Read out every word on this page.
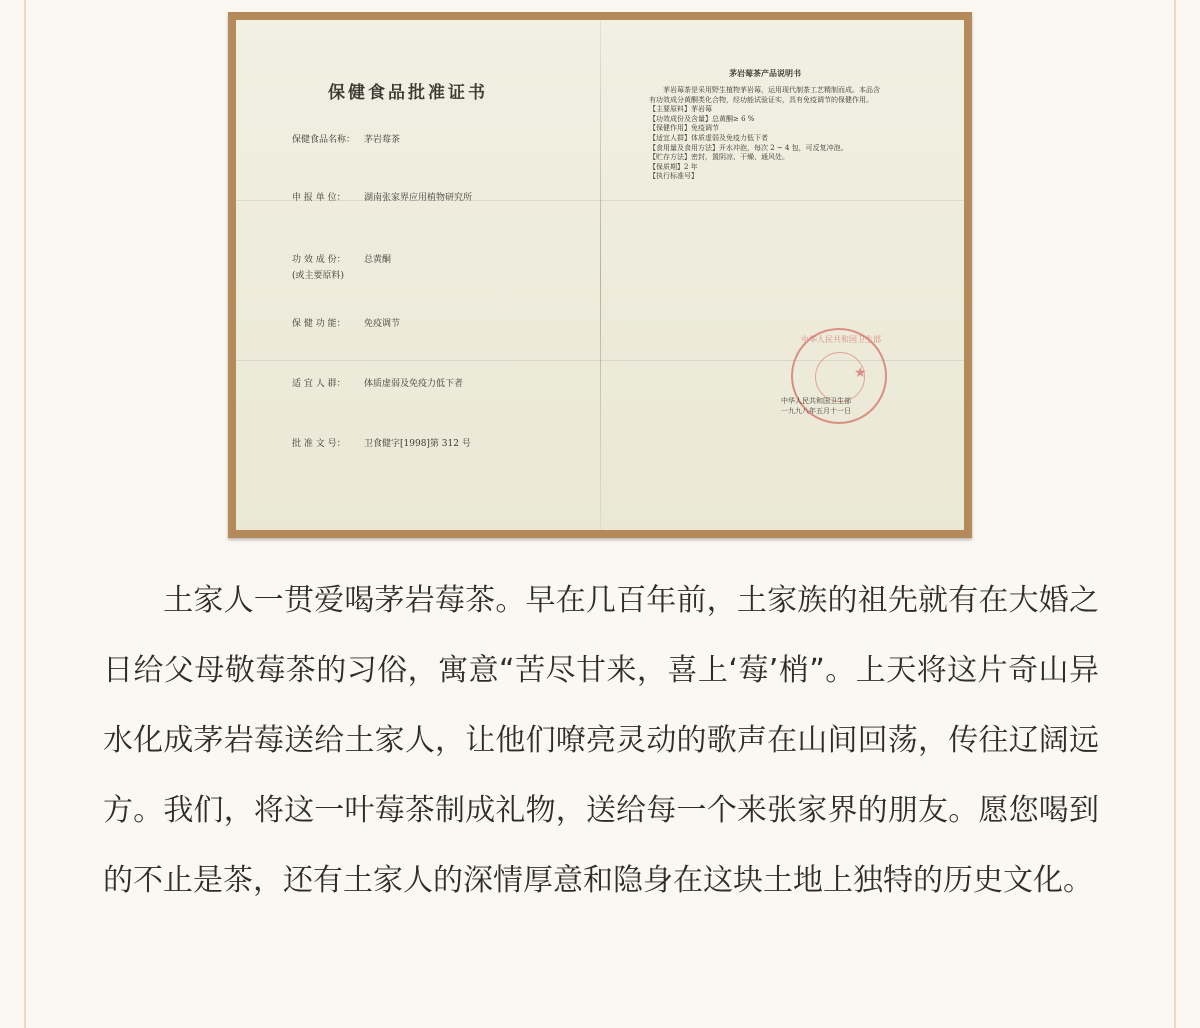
保健食品批准证书
保健食品名称： 茅岩莓茶
申 报 单 位： 湖南张家界应用植物研究所
功 效 成 份： 总黄酮
(或主要原料)
保 健 功 能： 免疫调节
适 宜 人 群： 体质虚弱及免疫力低下者
批 准 文 号： 卫食健字[1998]第 312 号
茅岩莓茶产品说明书
茅岩莓茶是采用野生植物茅岩莓，运用现代制茶工艺精制而成。本品含有功效成分黄酮类化合物，经功能试验证实，具有免疫调节的保健作用。
【主要原料】茅岩莓
【功效成份及含量】总黄酮≥ 6 %
【保健作用】免疫调节
【适宜人群】体质虚弱及免疫力低下者
【食用量及食用方法】开水冲泡，每次 2 ~ 4 包，可反复冲泡。
【贮存方法】密封，置阴凉、干燥、通风处。
【保质期】2 年
【执行标准号】
中华人民共和国卫生部
★
中华人民共和国卫生部
一九九八年五月十一日

土家人一贯爱喝茅岩莓茶。早在几百年前，土家族的祖先就有在大婚之日给父母敬莓茶的习俗，寓意“苦尽甘来，喜上‘莓’梢”。上天将这片奇山异水化成茅岩莓送给土家人，让他们嘹亮灵动的歌声在山间回荡，传往辽阔远方。我们，将这一叶莓茶制成礼物，送给每一个来张家界的朋友。愿您喝到的不止是茶，还有土家人的深情厚意和隐身在这块土地上独特的历史文化。
